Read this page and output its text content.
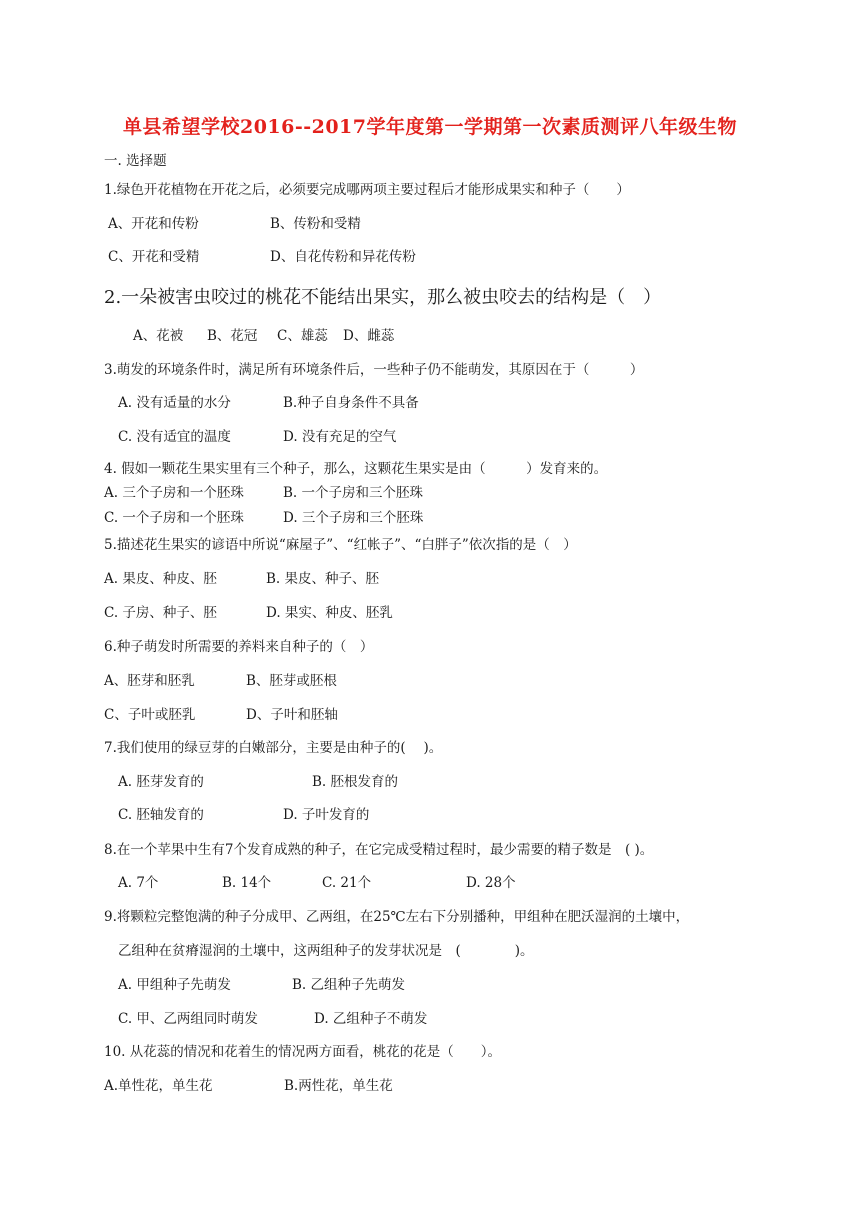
单县希望学校2016--2017学年度第一学期第一次素质测评八年级生物
一. 选择题
1.绿色开花植物在开花之后，必须要完成哪两项主要过程后才能形成果实和种子（　　）
A、开花和传粉	B、传粉和受精
C、开花和受精	D、自花传粉和异花传粉
2.一朵被害虫咬过的桃花不能结出果实，那么被虫咬去的结构是（　）
A、花被 B、花冠 C、雄蕊 D、雌蕊
3.萌发的环境条件时，满足所有环境条件后，一些种子仍不能萌发，其原因在于（　　　）
A. 没有适量的水分	B.种子自身条件不具备
C. 没有适宜的温度	D. 没有充足的空气
4. 假如一颗花生果实里有三个种子，那么，这颗花生果实是由（　　　）发育来的。
A. 三个子房和一个胚珠	B. 一个子房和三个胚珠
C. 一个子房和一个胚珠	D. 三个子房和三个胚珠
5.描述花生果实的谚语中所说“麻屋子”、“红帐子”、“白胖子”依次指的是（　）
A. 果皮、种皮、胚	B. 果皮、种子、胚
C. 子房、种子、胚	D. 果实、种皮、胚乳
6.种子萌发时所需要的养料来自种子的（　）
A、胚芽和胚乳	B、胚芽或胚根
C、子叶或胚乳	D、子叶和胚轴
7.我们使用的绿豆芽的白嫩部分，主要是由种子的(　 )。
A. 胚芽发育的	B. 胚根发育的
C. 胚轴发育的	D. 子叶发育的
8.在一个苹果中生有7个发育成熟的种子，在它完成受精过程时，最少需要的精子数是　( )。
A. 7个	B. 14个	C. 21个	D. 28个
9.将颗粒完整饱满的种子分成甲、乙两组，在25℃左右下分别播种，甲组种在肥沃湿润的土壤中，
乙组种在贫瘠湿润的土壤中，这两组种子的发芽状况是　(　　　　)。
A. 甲组种子先萌发	B. 乙组种子先萌发
C. 甲、乙两组同时萌发	D. 乙组种子不萌发
10. 从花蕊的情况和花着生的情况两方面看，桃花的花是（　　）。
A.单性花，单生花	B.两性花，单生花
